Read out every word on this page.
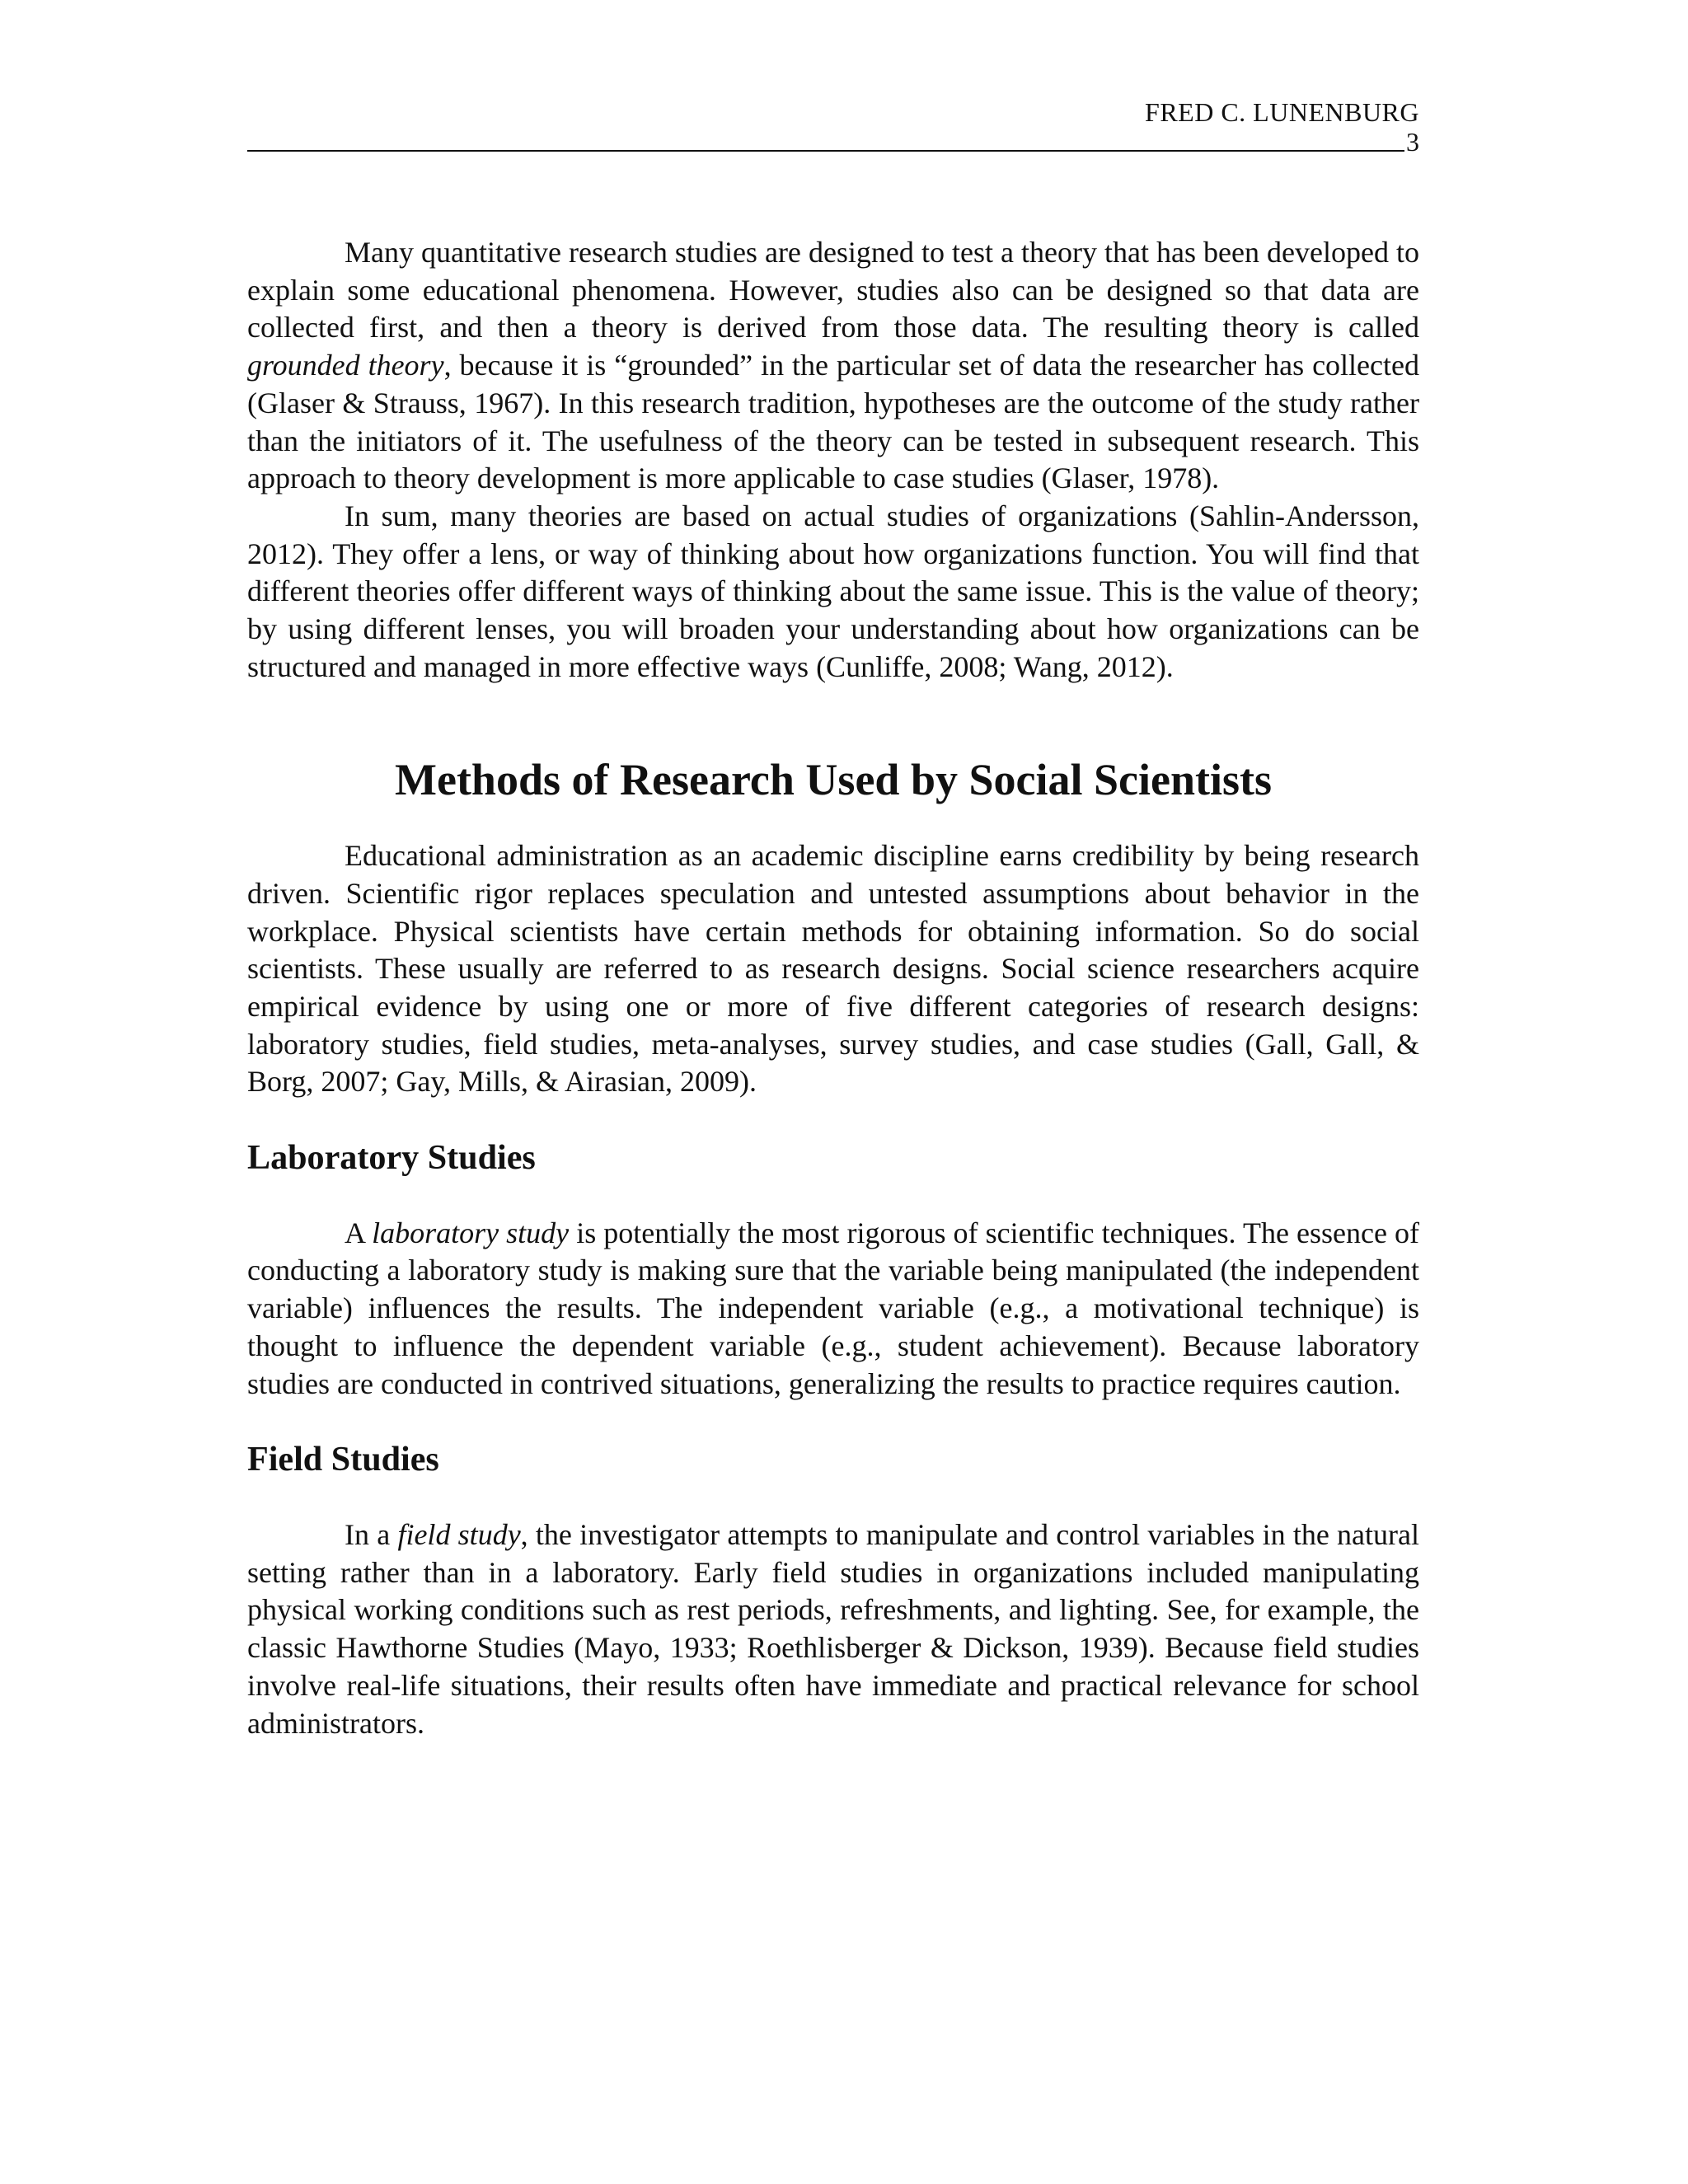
FRED C. LUNENBURG
3

Many quantitative research studies are designed to test a theory that has been developed to explain some educational phenomena. However, studies also can be designed so that data are collected first, and then a theory is derived from those data. The resulting theory is called grounded theory, because it is “grounded” in the particular set of data the researcher has collected (Glaser & Strauss, 1967). In this research tradition, hypotheses are the outcome of the study rather than the initiators of it. The usefulness of the theory can be tested in subsequent research. This approach to theory development is more applicable to case studies (Glaser, 1978).

In sum, many theories are based on actual studies of organizations (Sahlin-Andersson, 2012). They offer a lens, or way of thinking about how organizations function. You will find that different theories offer different ways of thinking about the same issue. This is the value of theory; by using different lenses, you will broaden your understanding about how organizations can be structured and managed in more effective ways (Cunliffe, 2008; Wang, 2012).

Methods of Research Used by Social Scientists

Educational administration as an academic discipline earns credibility by being research driven. Scientific rigor replaces speculation and untested assumptions about behavior in the workplace. Physical scientists have certain methods for obtaining information. So do social scientists. These usually are referred to as research designs. Social science researchers acquire empirical evidence by using one or more of five different categories of research designs: laboratory studies, field studies, meta-analyses, survey studies, and case studies (Gall, Gall, & Borg, 2007; Gay, Mills, & Airasian, 2009).

Laboratory Studies

A laboratory study is potentially the most rigorous of scientific techniques. The essence of conducting a laboratory study is making sure that the variable being manipulated (the independent variable) influences the results. The independent variable (e.g., a motivational technique) is thought to influence the dependent variable (e.g., student achievement). Because laboratory studies are conducted in contrived situations, generalizing the results to practice requires caution.

Field Studies

In a field study, the investigator attempts to manipulate and control variables in the natural setting rather than in a laboratory. Early field studies in organizations included manipulating physical working conditions such as rest periods, refreshments, and lighting. See, for example, the classic Hawthorne Studies (Mayo, 1933; Roethlisberger & Dickson, 1939). Because field studies involve real-life situations, their results often have immediate and practical relevance for school administrators.
